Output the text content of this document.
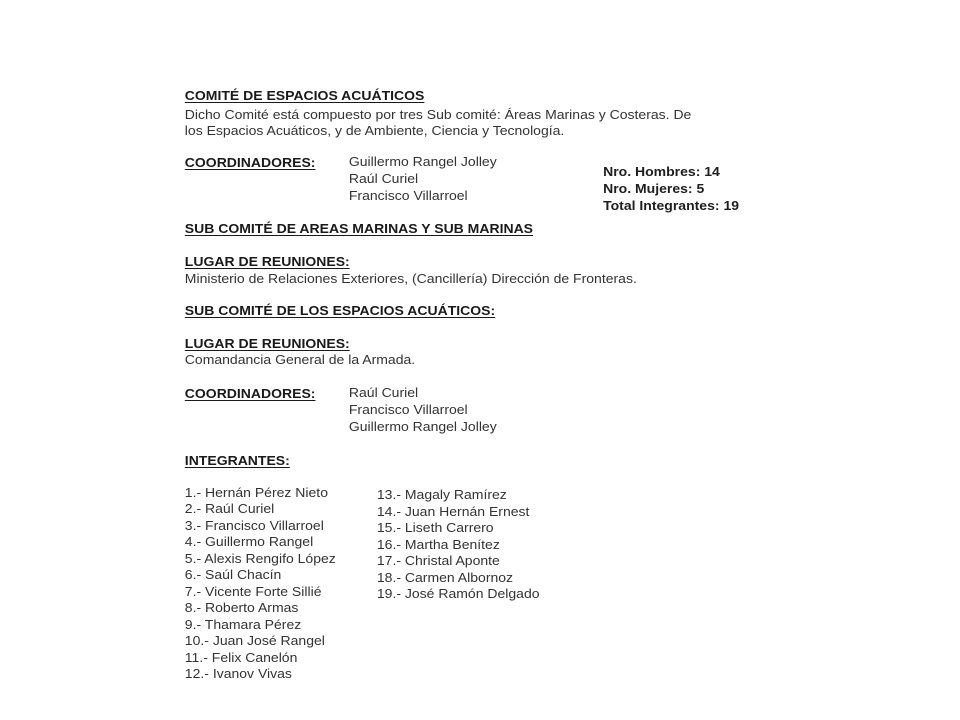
COMITÉ DE ESPACIOS ACUÁTICOS
Dicho Comité está compuesto por tres Sub comité: Áreas Marinas y Costeras. De
los Espacios Acuáticos, y de Ambiente, Ciencia y Tecnología.
COORDINADORES:	Guillermo Rangel Jolley
Raúl Curiel
Francisco Villarroel
Nro. Hombres: 14
Nro. Mujeres: 5
Total Integrantes: 19
SUB COMITÉ DE AREAS MARINAS Y SUB MARINAS
LUGAR DE REUNIONES:
Ministerio de Relaciones Exteriores, (Cancillería) Dirección de Fronteras.
SUB COMITÉ DE LOS ESPACIOS ACUÁTICOS:
LUGAR DE REUNIONES:
Comandancia General de la Armada.
COORDINADORES:	Raúl Curiel
Francisco Villarroel
Guillermo Rangel Jolley
INTEGRANTES:
1.- Hernán Pérez Nieto
2.- Raúl Curiel
3.- Francisco Villarroel
4.- Guillermo Rangel
5.- Alexis Rengifo López
6.- Saúl Chacín
7.- Vicente Forte Sillié
8.- Roberto Armas
9.- Thamara Pérez
10.- Juan José Rangel
11.- Felix Canelón
12.- Ivanov Vivas
13.- Magaly Ramírez
14.- Juan Hernán Ernest
15.- Liseth Carrero
16.- Martha Benítez
17.- Christal Aponte
18.- Carmen Albornoz
19.- José Ramón Delgado
